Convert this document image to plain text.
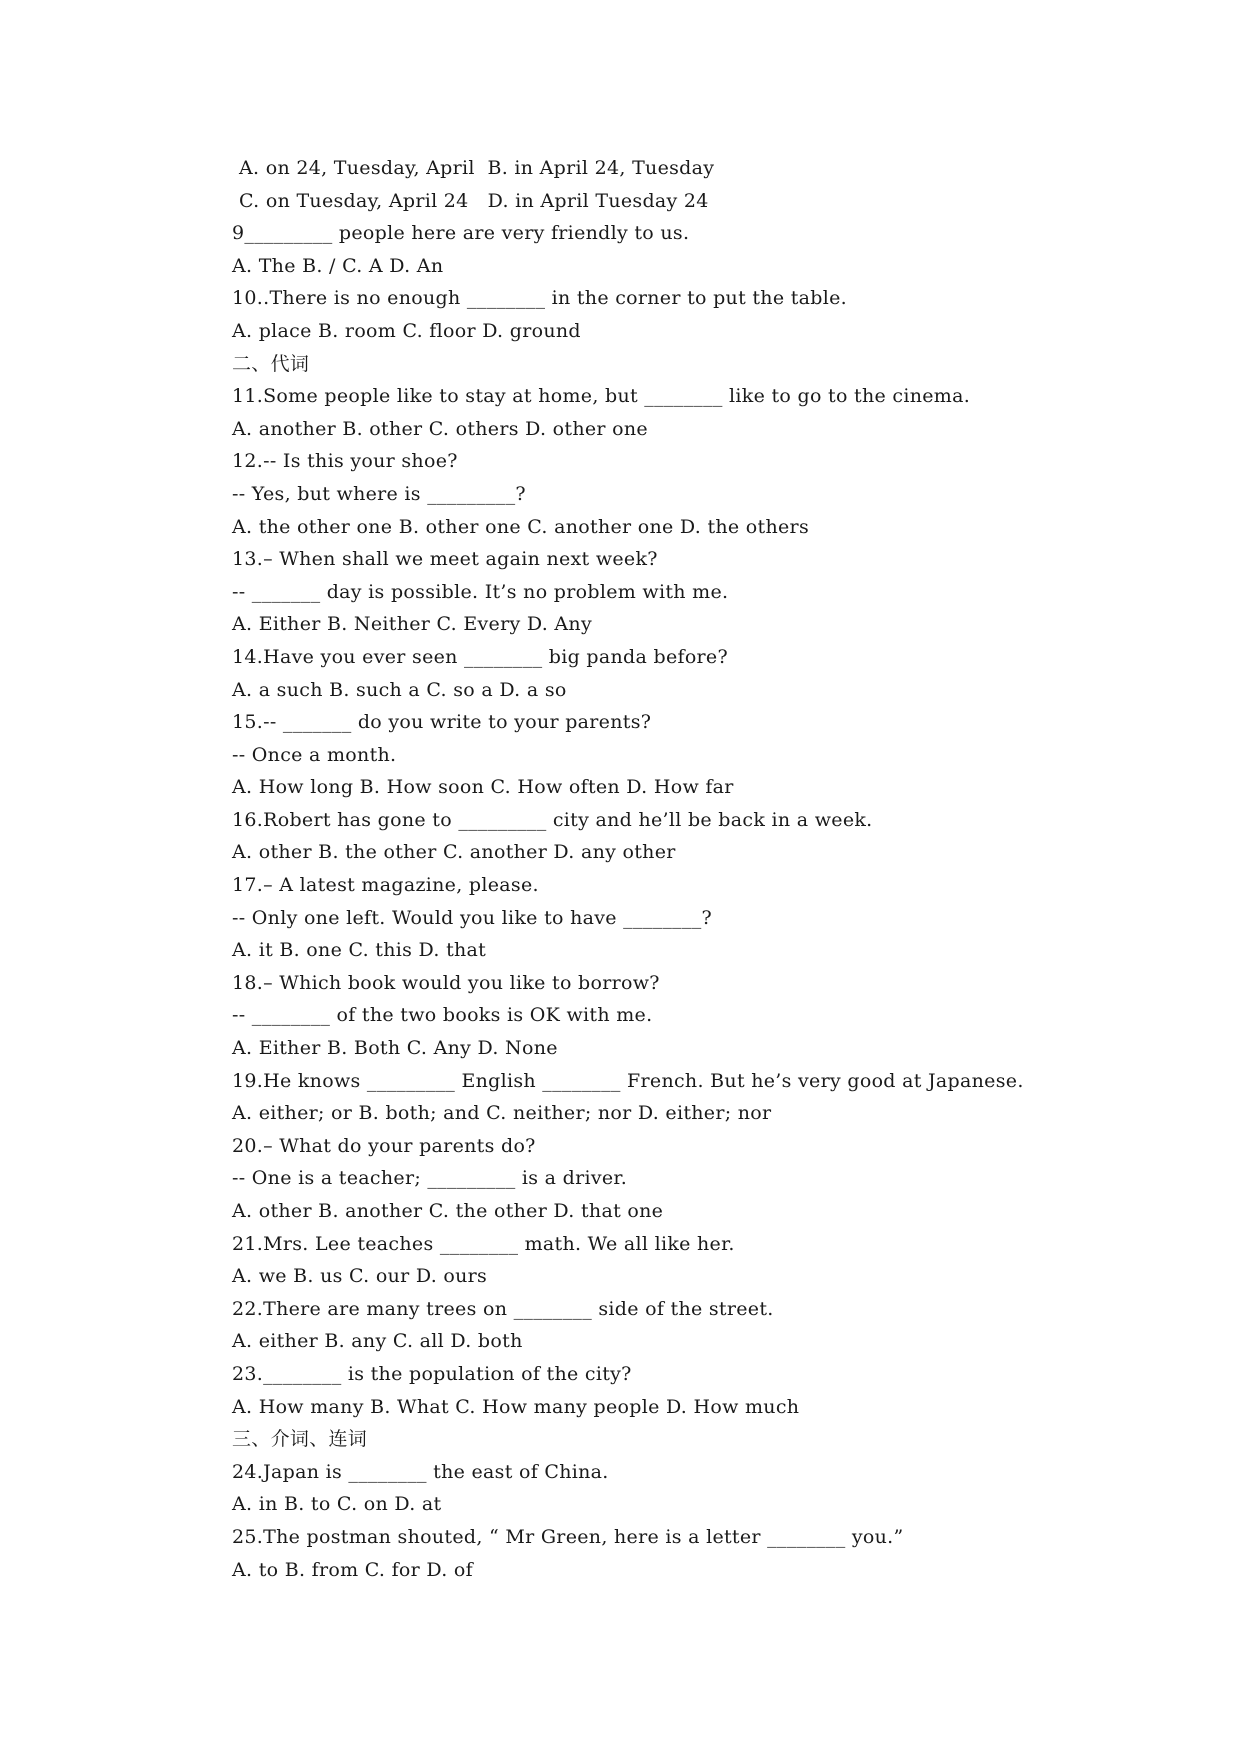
A. on 24, Tuesday, April  B. in April 24, Tuesday
C. on Tuesday, April 24   D. in April Tuesday 24
9_________ people here are very friendly to us.
A. The B. / C. A D. An
10..There is no enough ________ in the corner to put the table.
A. place B. room C. floor D. ground
二、代词
11.Some people like to stay at home, but ________ like to go to the cinema.
A. another B. other C. others D. other one
12.-- Is this your shoe?
-- Yes, but where is _________?
A. the other one B. other one C. another one D. the others
13.– When shall we meet again next week?
-- _______ day is possible. It’s no problem with me.
A. Either B. Neither C. Every D. Any
14.Have you ever seen ________ big panda before?
A. a such B. such a C. so a D. a so
15.-- _______ do you write to your parents?
-- Once a month.
A. How long B. How soon C. How often D. How far
16.Robert has gone to _________ city and he’ll be back in a week.
A. other B. the other C. another D. any other
17.– A latest magazine, please.
-- Only one left. Would you like to have ________?
A. it B. one C. this D. that
18.– Which book would you like to borrow?
-- ________ of the two books is OK with me.
A. Either B. Both C. Any D. None
19.He knows _________ English ________ French. But he’s very good at Japanese.
A. either; or B. both; and C. neither; nor D. either; nor
20.– What do your parents do?
-- One is a teacher; _________ is a driver.
A. other B. another C. the other D. that one
21.Mrs. Lee teaches ________ math. We all like her.
A. we B. us C. our D. ours
22.There are many trees on ________ side of the street.
A. either B. any C. all D. both
23.________ is the population of the city?
A. How many B. What C. How many people D. How much
三、介词、连词
24.Japan is ________ the east of China.
A. in B. to C. on D. at
25.The postman shouted, “ Mr Green, here is a letter ________ you.”
A. to B. from C. for D. of
